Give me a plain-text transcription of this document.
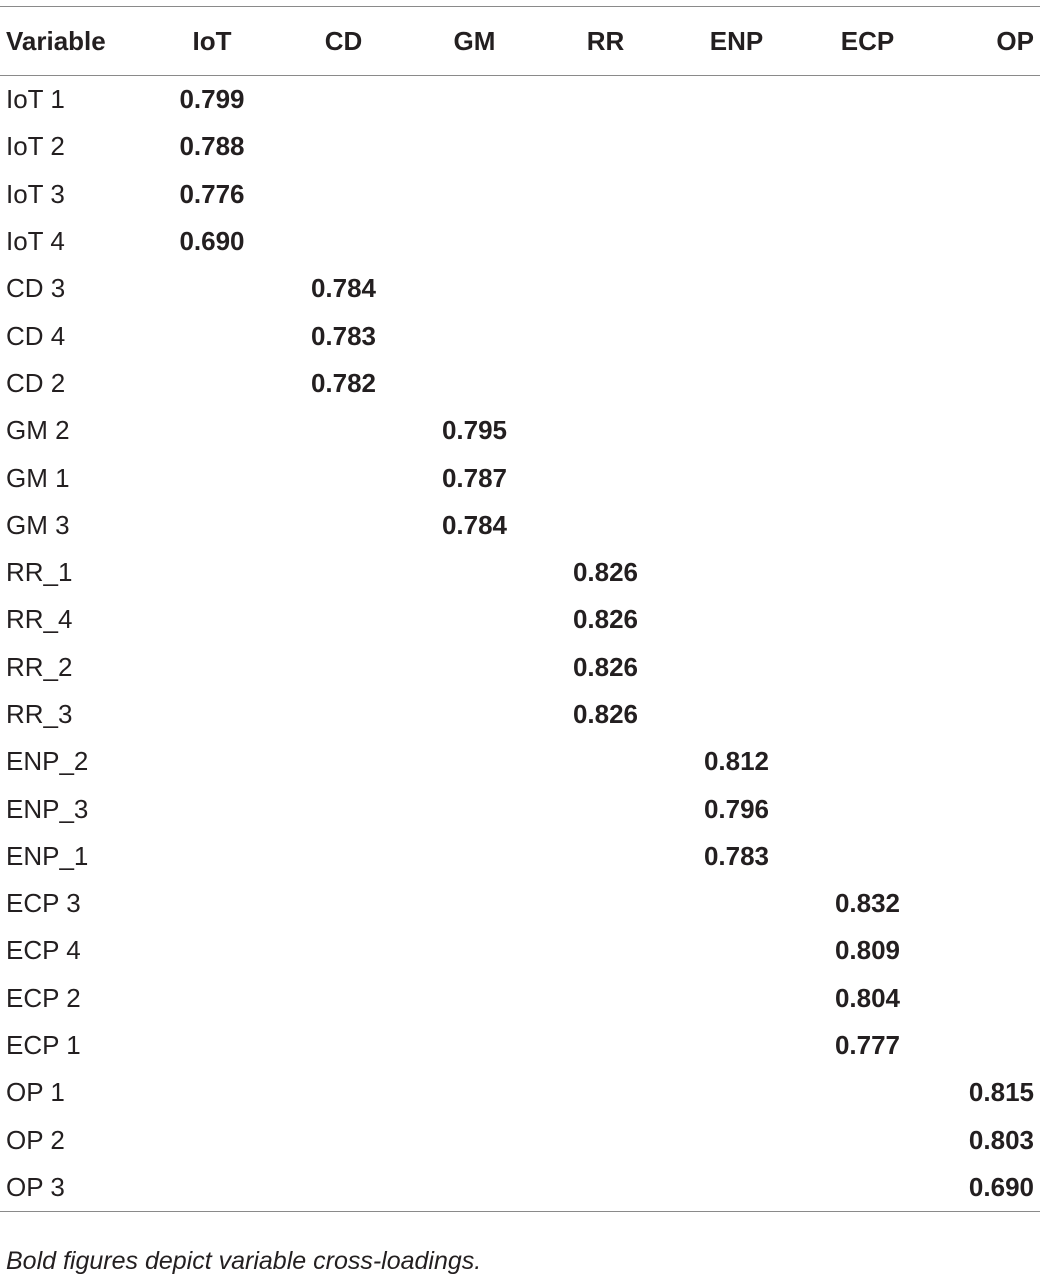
Variable	IoT	CD	GM	RR	ENP	ECP	OP
IoT 1	0.799						
IoT 2	0.788						
IoT 3	0.776						
IoT 4	0.690						
CD 3		0.784					
CD 4		0.783					
CD 2		0.782					
GM 2			0.795				
GM 1			0.787				
GM 3			0.784				
RR_1				0.826			
RR_4				0.826			
RR_2				0.826			
RR_3				0.826			
ENP_2					0.812		
ENP_3					0.796		
ENP_1					0.783		
ECP 3						0.832	
ECP 4						0.809	
ECP 2						0.804	
ECP 1						0.777	
OP 1							0.815
OP 2							0.803
OP 3							0.690
Bold figures depict variable cross-loadings.
